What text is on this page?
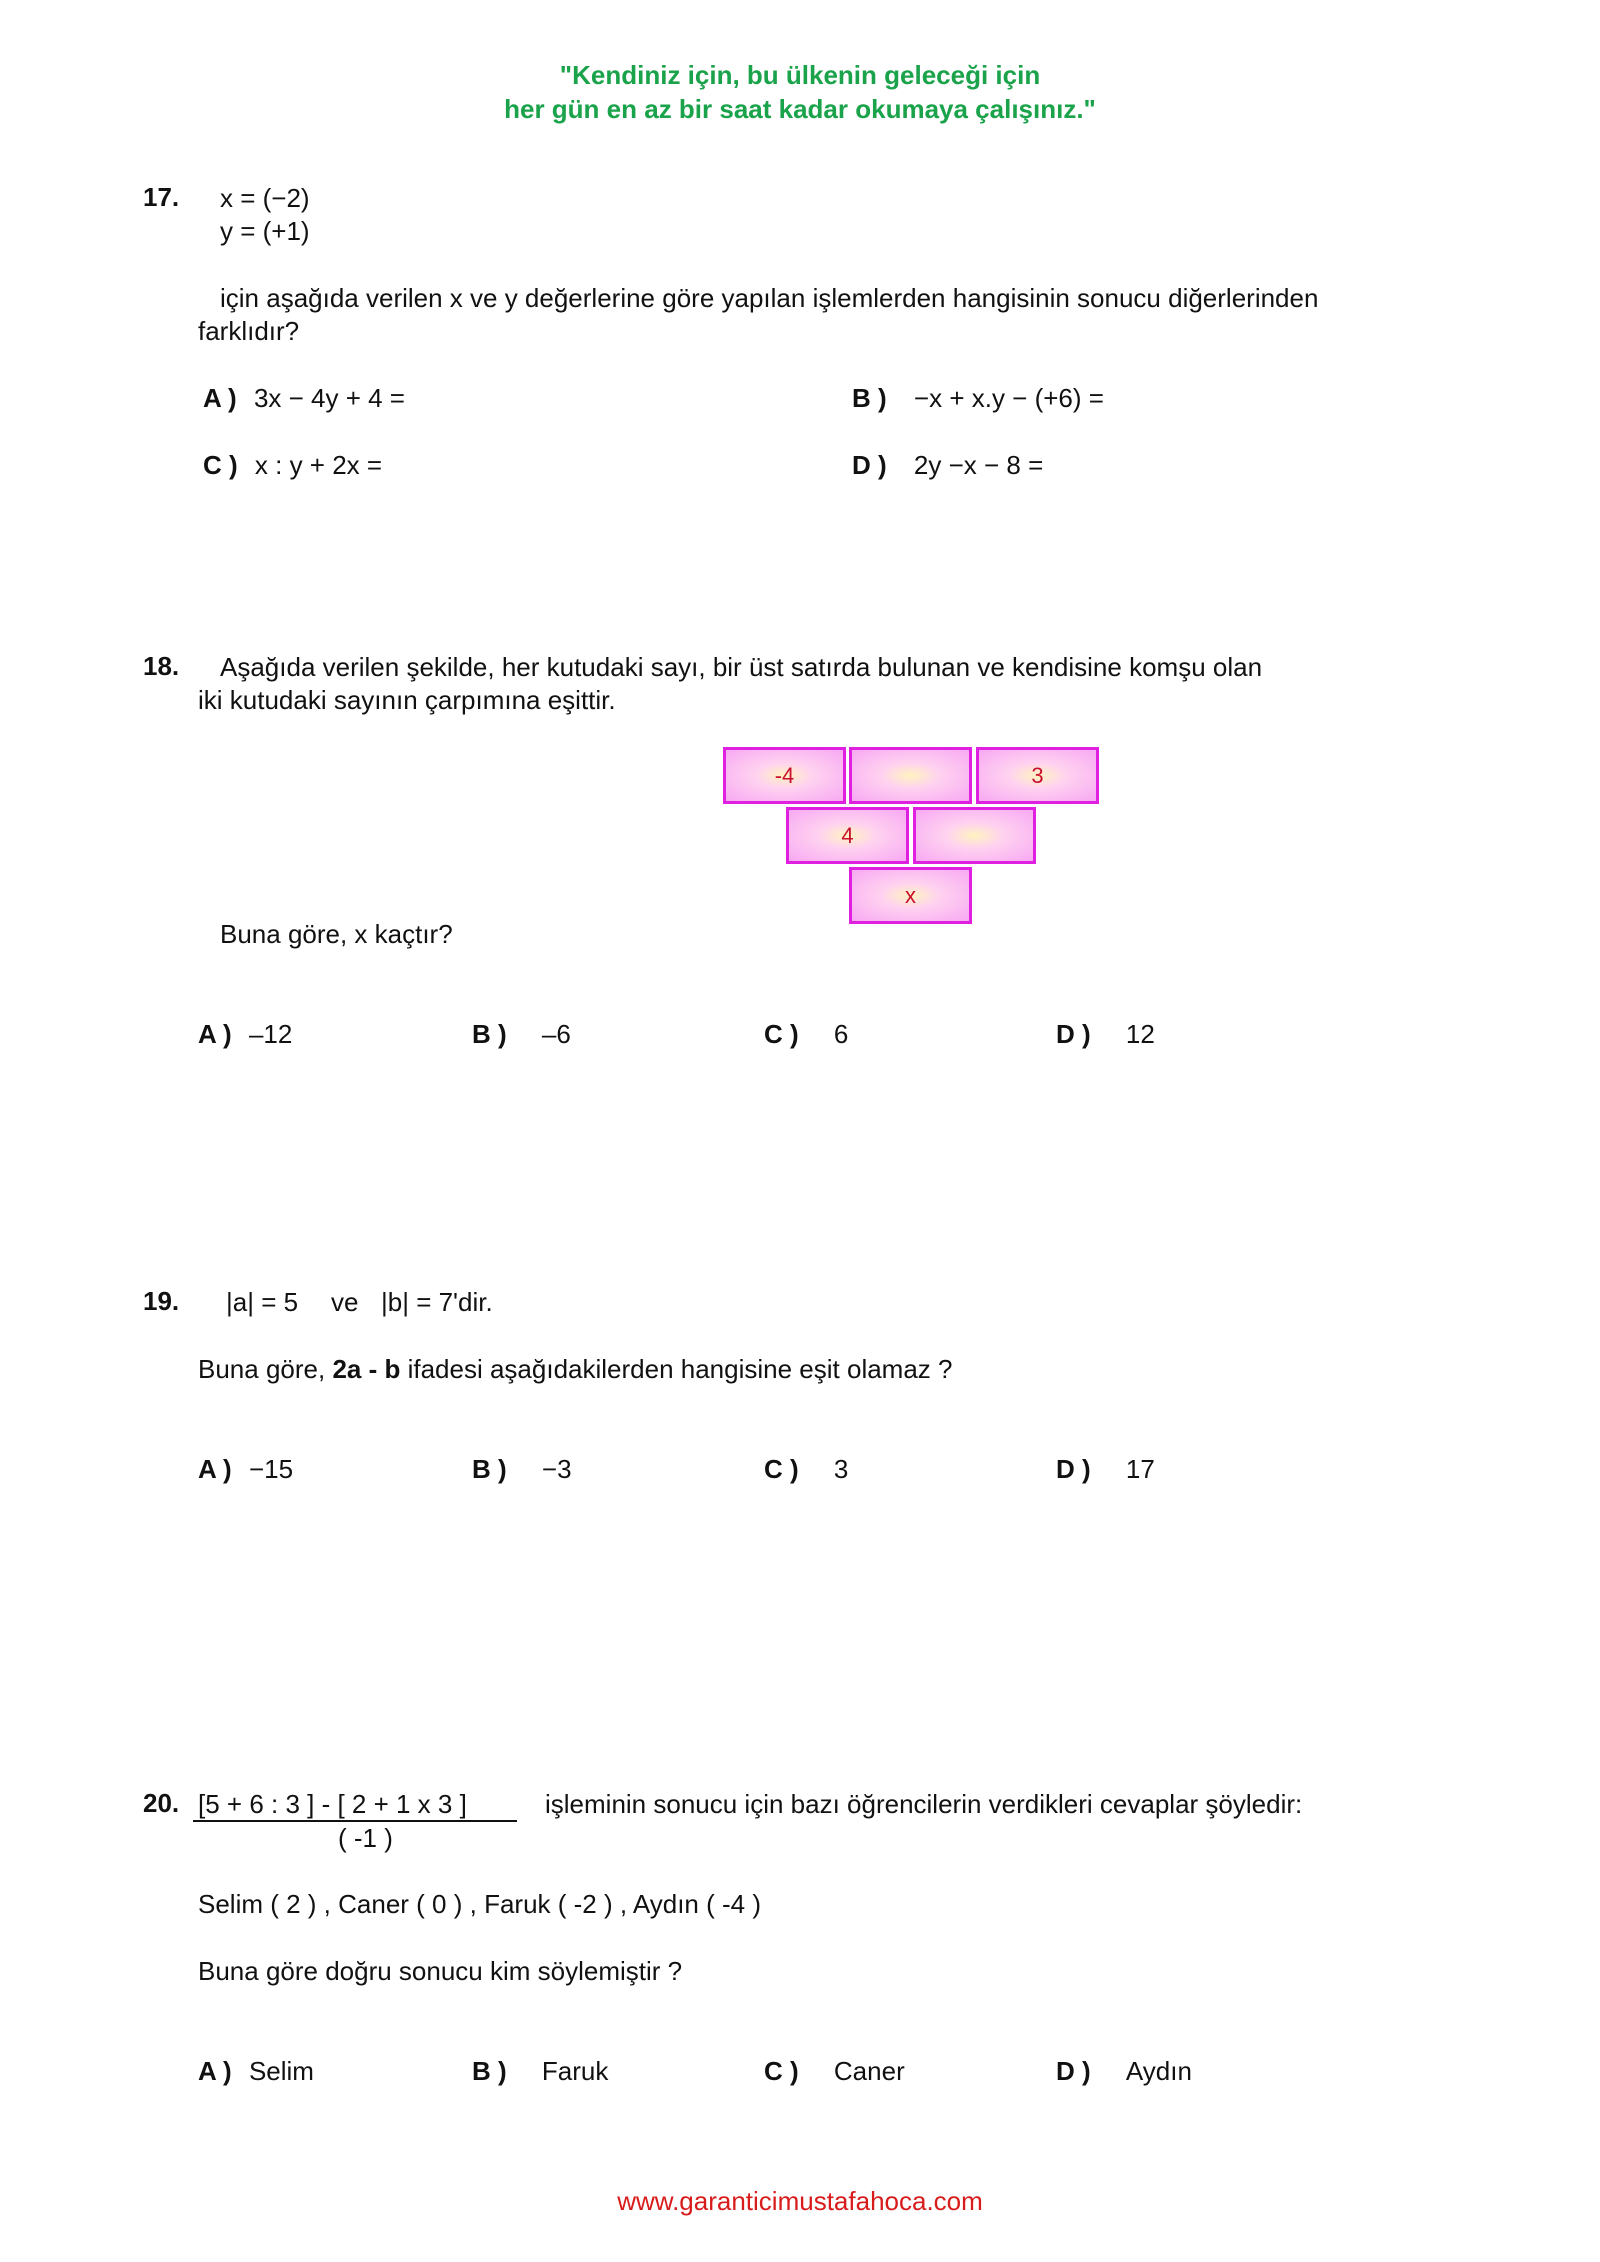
"Kendiniz için, bu ülkenin geleceği için
her gün en az bir saat kadar okumaya çalışınız."
17. x = (−2)
y = (+1)
için aşağıda verilen x ve y değerlerine göre yapılan işlemlerden hangisinin sonucu diğerlerinden
farklıdır?
A ) 3x − 4y + 4 =	B ) −x + x.y − (+6) =
C ) x : y + 2x =	D ) 2y −x − 8 =
18. Aşağıda verilen şekilde, her kutudaki sayı, bir üst satırda bulunan ve kendisine komşu olan
iki kutudaki sayının çarpımına eşittir.
-4	3
4
x
Buna göre, x kaçtır?
A ) –12	B ) –6	C ) 6	D ) 12
19. |a| = 5 ve |b| = 7'dir.
Buna göre, 2a - b ifadesi aşağıdakilerden hangisine eşit olamaz ?
A ) −15	B ) −3	C ) 3	D ) 17
20. [5 + 6 : 3 ] - [ 2 + 1 x 3 ]
( -1 )
işleminin sonucu için bazı öğrencilerin verdikleri cevaplar şöyledir:
Selim ( 2 ) , Caner ( 0 ) , Faruk ( -2 ) , Aydın ( -4 )
Buna göre doğru sonucu kim söylemiştir ?
A ) Selim	B ) Faruk	C ) Caner	D ) Aydın
www.garanticimustafahoca.com
